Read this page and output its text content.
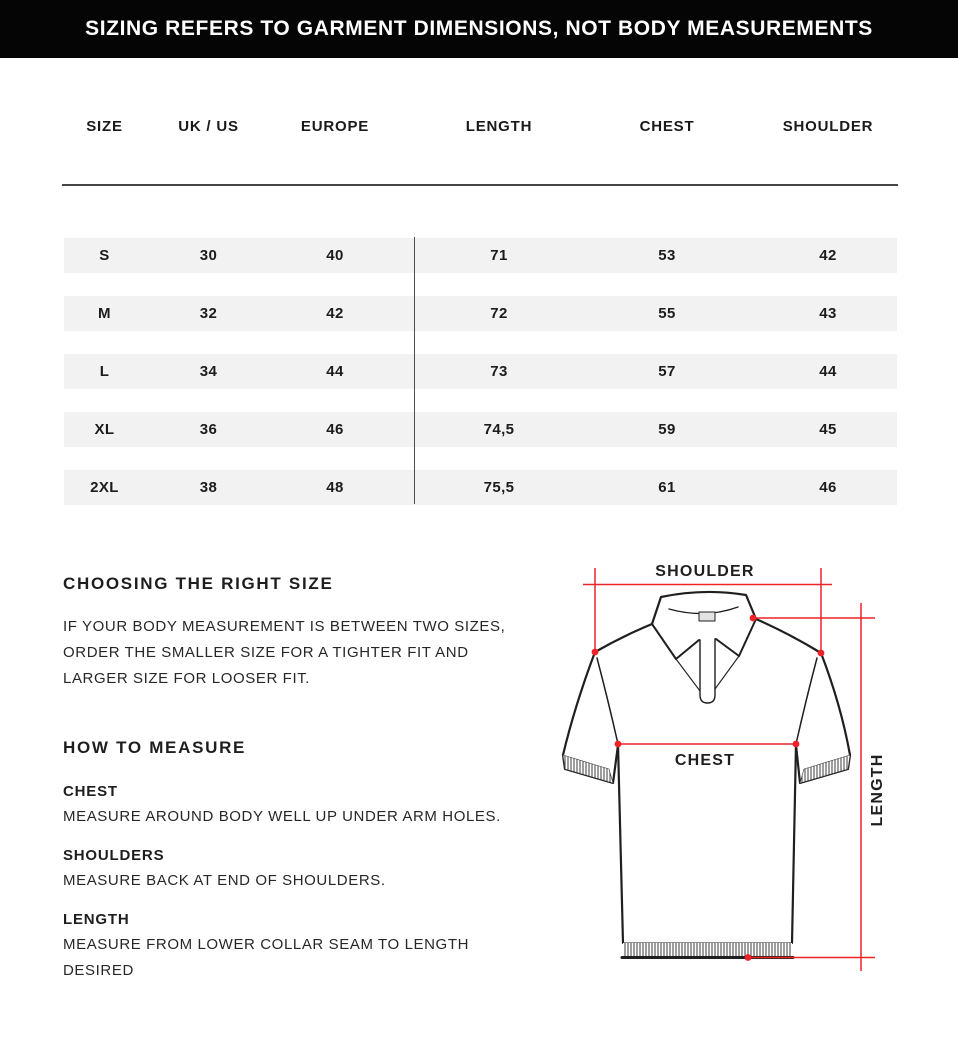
SIZING REFERS TO GARMENT DIMENSIONS, NOT BODY MEASUREMENTS
SIZE	UK / US	EUROPE	LENGTH	CHEST	SHOULDER
S	30	40	71	53	42
M	32	42	72	55	43
L	34	44	73	57	44
XL	36	46	74,5	59	45
2XL	38	48	75,5	61	46
CHOOSING THE RIGHT SIZE
IF YOUR BODY MEASUREMENT IS BETWEEN TWO SIZES,
ORDER THE SMALLER SIZE FOR A TIGHTER FIT AND
LARGER SIZE FOR LOOSER FIT.
HOW TO MEASURE
CHEST
MEASURE AROUND BODY WELL UP UNDER ARM HOLES.
SHOULDERS
MEASURE BACK AT END OF SHOULDERS.
LENGTH
MEASURE FROM LOWER COLLAR SEAM TO LENGTH
DESIRED
SHOULDER
CHEST	LENGTH
